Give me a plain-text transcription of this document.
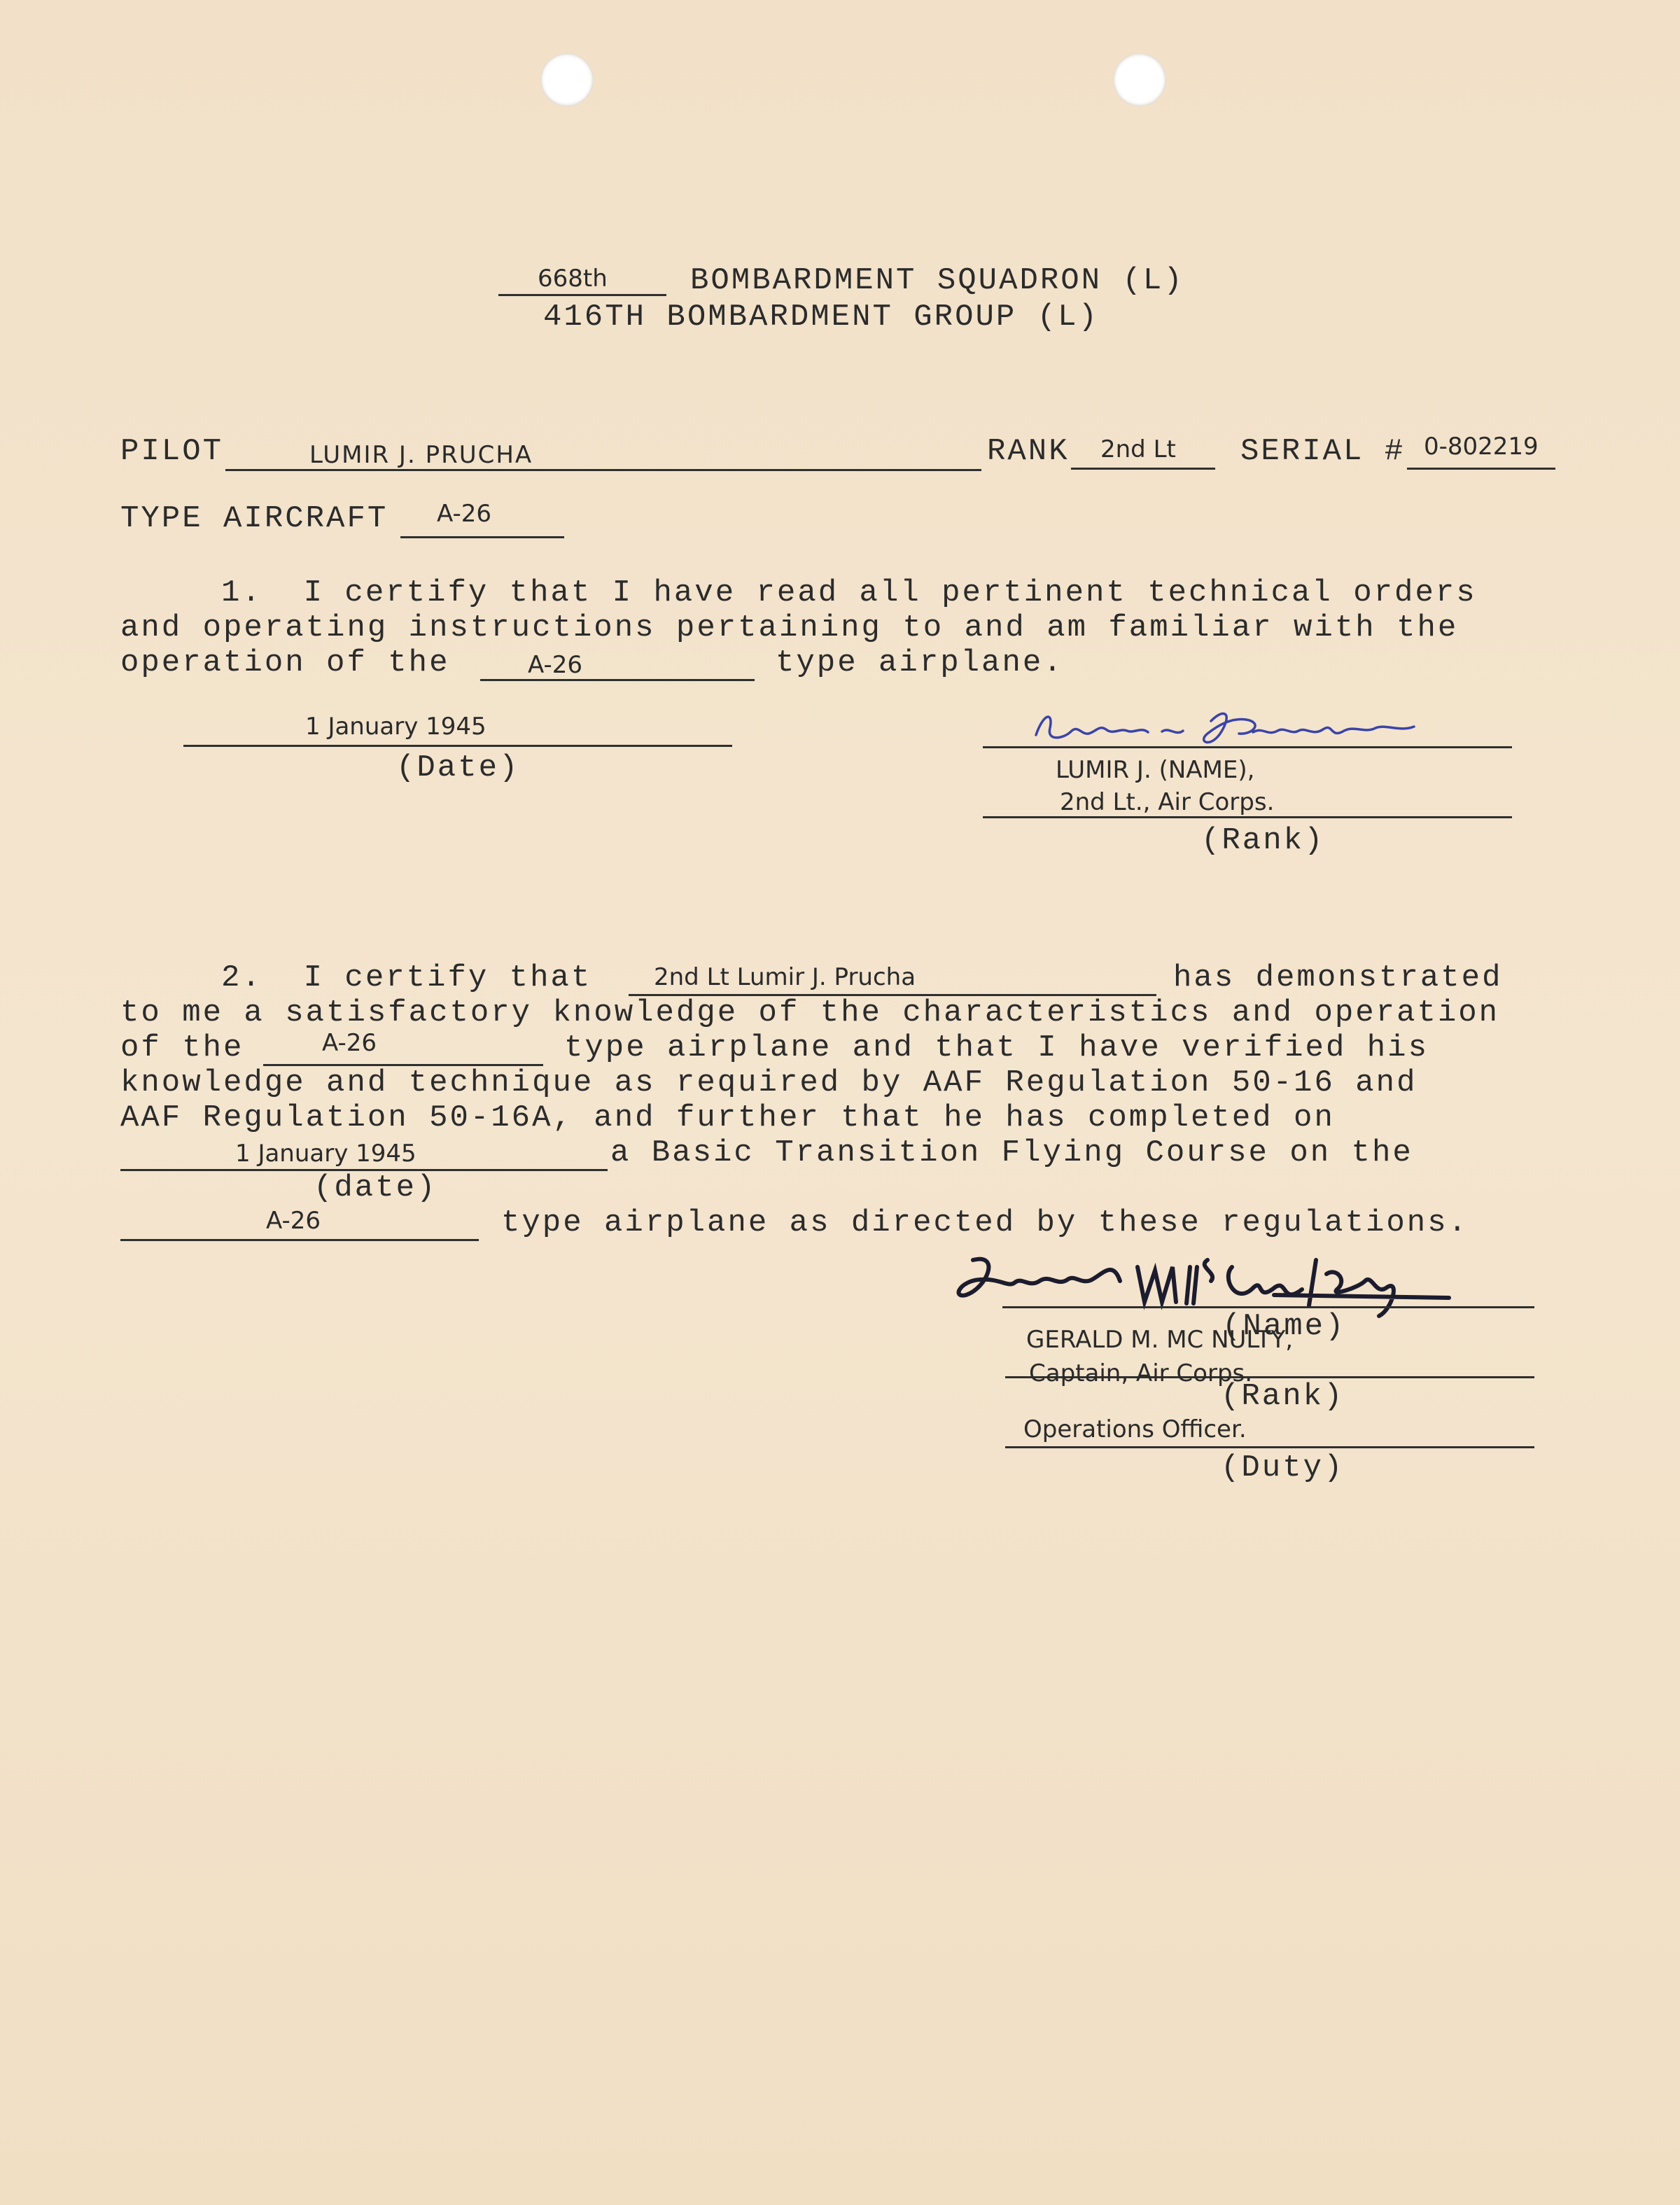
668th	BOMBARDMENT SQUADRON (L)
416TH BOMBARDMENT GROUP (L)
PILOT	LUMIR J. PRUCHA	RANK 2nd Lt SERIAL # 0-802219
TYPE AIRCRAFT A-26
1.  I certify that I have read all pertinent technical orders
and operating instructions pertaining to and am familiar with the
operation of the	A-26	type airplane.
1 January 1945
(Date)	LUMIR J. (NAME),
2nd Lt., Air Corps.
(Rank)
2.  I certify that	2nd Lt Lumir J. Prucha	has demonstrated
to me a satisfactory knowledge of the characteristics and operation
of the	A-26	type airplane and that I have verified his
knowledge and technique as required by AAF Regulation 50-16 and
AAF Regulation 50-16A, and further that he has completed on
1 January 1945	a Basic Transition Flying Course on the
(date)
A-26	type airplane as directed by these regulations.
(Name)
GERALD M. MC NULTY,
Captain, Air Corps.
(Rank)
Operations Officer.
(Duty)
